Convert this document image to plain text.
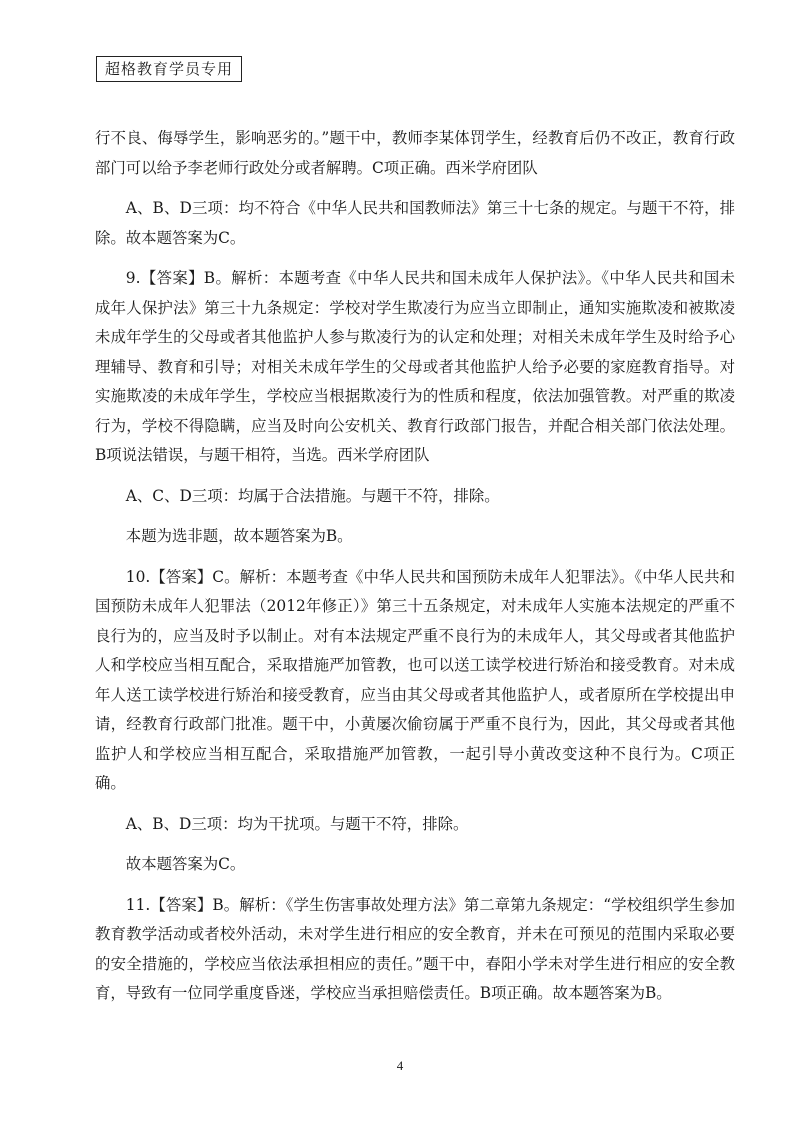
超格教育学员专用

行不良、侮辱学生，影响恶劣的。”题干中，教师李某体罚学生，经教育后仍不改正，教育行政部门可以给予李老师行政处分或者解聘。C项正确。西米学府团队

A、B、D三项：均不符合《中华人民共和国教师法》第三十七条的规定。与题干不符，排除。故本题答案为C。

9.【答案】B。解析：本题考查《中华人民共和国未成年人保护法》。《中华人民共和国未成年人保护法》第三十九条规定：学校对学生欺凌行为应当立即制止，通知实施欺凌和被欺凌未成年学生的父母或者其他监护人参与欺凌行为的认定和处理；对相关未成年学生及时给予心理辅导、教育和引导；对相关未成年学生的父母或者其他监护人给予必要的家庭教育指导。对实施欺凌的未成年学生，学校应当根据欺凌行为的性质和程度，依法加强管教。对严重的欺凌行为，学校不得隐瞒，应当及时向公安机关、教育行政部门报告，并配合相关部门依法处理。B项说法错误，与题干相符，当选。西米学府团队

A、C、D三项：均属于合法措施。与题干不符，排除。

本题为选非题，故本题答案为B。

10.【答案】C。解析：本题考查《中华人民共和国预防未成年人犯罪法》。《中华人民共和国预防未成年人犯罪法（2012年修正）》第三十五条规定，对未成年人实施本法规定的严重不良行为的，应当及时予以制止。对有本法规定严重不良行为的未成年人，其父母或者其他监护人和学校应当相互配合，采取措施严加管教，也可以送工读学校进行矫治和接受教育。对未成年人送工读学校进行矫治和接受教育，应当由其父母或者其他监护人，或者原所在学校提出申请，经教育行政部门批准。题干中，小黄屡次偷窃属于严重不良行为，因此，其父母或者其他监护人和学校应当相互配合，采取措施严加管教，一起引导小黄改变这种不良行为。C项正确。

A、B、D三项：均为干扰项。与题干不符，排除。

故本题答案为C。

11.【答案】B。解析：《学生伤害事故处理方法》第二章第九条规定：“学校组织学生参加教育教学活动或者校外活动，未对学生进行相应的安全教育，并未在可预见的范围内采取必要的安全措施的，学校应当依法承担相应的责任。”题干中，春阳小学未对学生进行相应的安全教育，导致有一位同学重度昏迷，学校应当承担赔偿责任。B项正确。故本题答案为B。

4
